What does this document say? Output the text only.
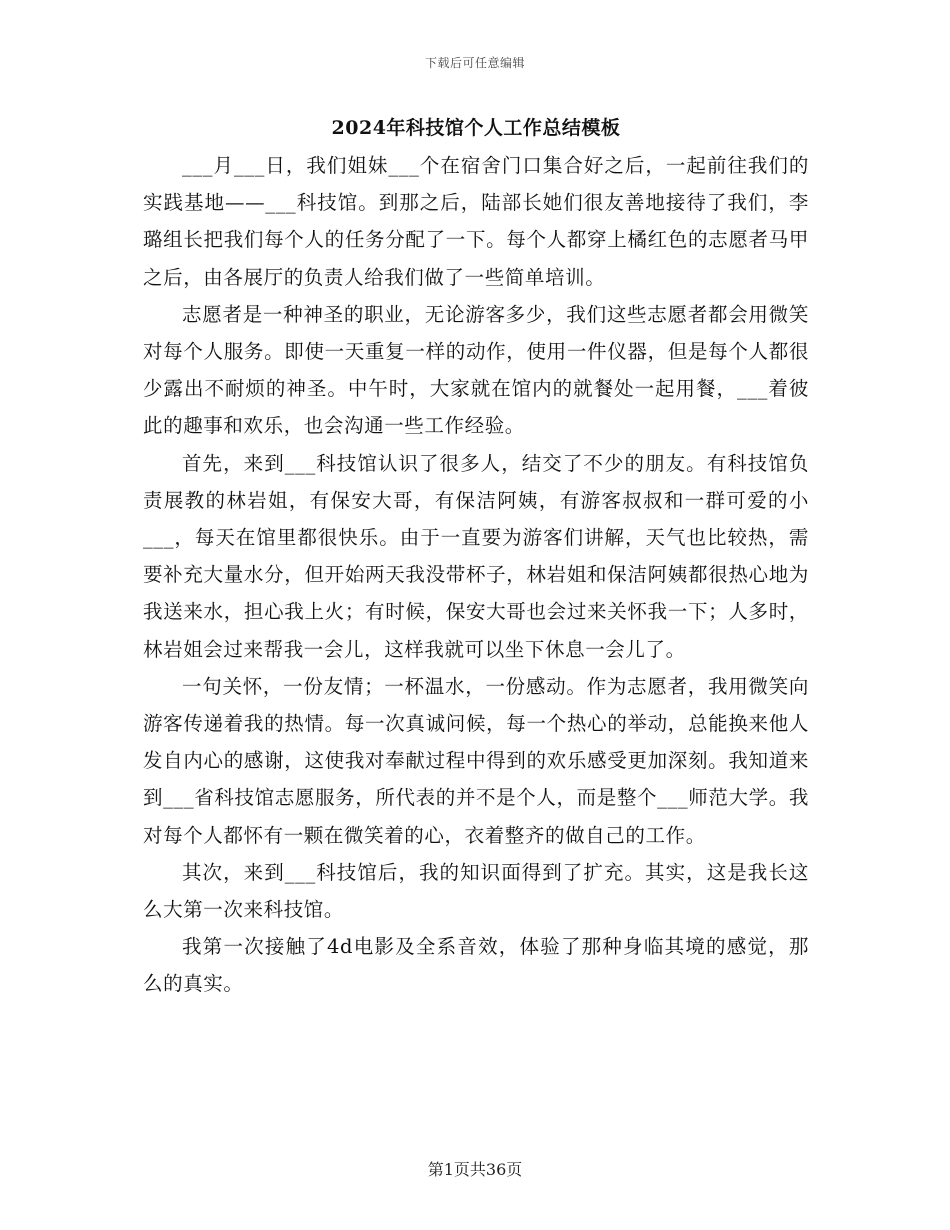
下载后可任意编辑
2024年科技馆个人工作总结模板

___月___日，我们姐妹___个在宿舍门口集合好之后，一起前往我们的实践基地——___科技馆。到那之后，陆部长她们很友善地接待了我们，李璐组长把我们每个人的任务分配了一下。每个人都穿上橘红色的志愿者马甲之后，由各展厅的负责人给我们做了一些简单培训。

志愿者是一种神圣的职业，无论游客多少，我们这些志愿者都会用微笑对每个人服务。即使一天重复一样的动作，使用一件仪器，但是每个人都很少露出不耐烦的神圣。中午时，大家就在馆内的就餐处一起用餐，___着彼此的趣事和欢乐，也会沟通一些工作经验。

首先，来到___科技馆认识了很多人，结交了不少的朋友。有科技馆负责展教的林岩姐，有保安大哥，有保洁阿姨，有游客叔叔和一群可爱的小___，每天在馆里都很快乐。由于一直要为游客们讲解，天气也比较热，需要补充大量水分，但开始两天我没带杯子，林岩姐和保洁阿姨都很热心地为我送来水，担心我上火；有时候，保安大哥也会过来关怀我一下；人多时，林岩姐会过来帮我一会儿，这样我就可以坐下休息一会儿了。

一句关怀，一份友情；一杯温水，一份感动。作为志愿者，我用微笑向游客传递着我的热情。每一次真诚问候，每一个热心的举动，总能换来他人发自内心的感谢，这使我对奉献过程中得到的欢乐感受更加深刻。我知道来到___省科技馆志愿服务，所代表的并不是个人，而是整个___师范大学。我对每个人都怀有一颗在微笑着的心，衣着整齐的做自己的工作。

其次，来到___科技馆后，我的知识面得到了扩充。其实，这是我长这么大第一次来科技馆。

我第一次接触了4d电影及全系音效，体验了那种身临其境的感觉，那么的真实。

第1页共36页
